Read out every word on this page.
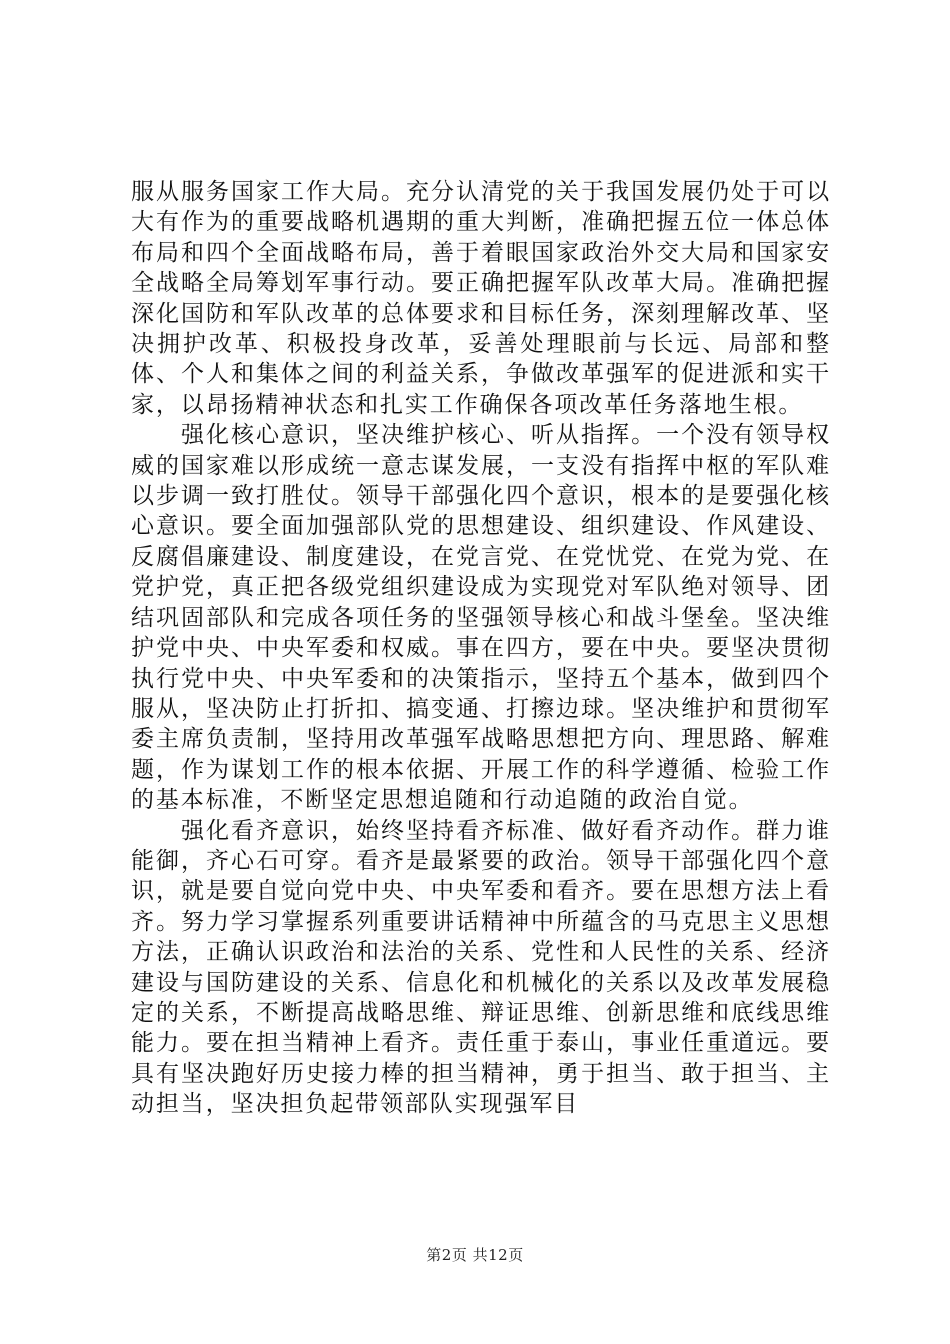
服从服务国家工作大局。充分认清党的关于我国发展仍处于可以大有作为的重要战略机遇期的重大判断，准确把握五位一体总体布局和四个全面战略布局，善于着眼国家政治外交大局和国家安全战略全局筹划军事行动。要正确把握军队改革大局。准确把握深化国防和军队改革的总体要求和目标任务，深刻理解改革、坚决拥护改革、积极投身改革，妥善处理眼前与长远、局部和整体、个人和集体之间的利益关系，争做改革强军的促进派和实干家，以昂扬精神状态和扎实工作确保各项改革任务落地生根。

强化核心意识，坚决维护核心、听从指挥。一个没有领导权威的国家难以形成统一意志谋发展，一支没有指挥中枢的军队难以步调一致打胜仗。领导干部强化四个意识，根本的是要强化核心意识。要全面加强部队党的思想建设、组织建设、作风建设、反腐倡廉建设、制度建设，在党言党、在党忧党、在党为党、在党护党，真正把各级党组织建设成为实现党对军队绝对领导、团结巩固部队和完成各项任务的坚强领导核心和战斗堡垒。坚决维护党中央、中央军委和权威。事在四方，要在中央。要坚决贯彻执行党中央、中央军委和的决策指示，坚持五个基本，做到四个服从，坚决防止打折扣、搞变通、打擦边球。坚决维护和贯彻军委主席负责制，坚持用改革强军战略思想把方向、理思路、解难题，作为谋划工作的根本依据、开展工作的科学遵循、检验工作的基本标准，不断坚定思想追随和行动追随的政治自觉。

强化看齐意识，始终坚持看齐标准、做好看齐动作。群力谁能御，齐心石可穿。看齐是最紧要的政治。领导干部强化四个意识，就是要自觉向党中央、中央军委和看齐。要在思想方法上看齐。努力学习掌握系列重要讲话精神中所蕴含的马克思主义思想方法，正确认识政治和法治的关系、党性和人民性的关系、经济建设与国防建设的关系、信息化和机械化的关系以及改革发展稳定的关系，不断提高战略思维、辩证思维、创新思维和底线思维能力。要在担当精神上看齐。责任重于泰山，事业任重道远。要具有坚决跑好历史接力棒的担当精神，勇于担当、敢于担当、主动担当，坚决担负起带领部队实现强军目

第2页 共12页
